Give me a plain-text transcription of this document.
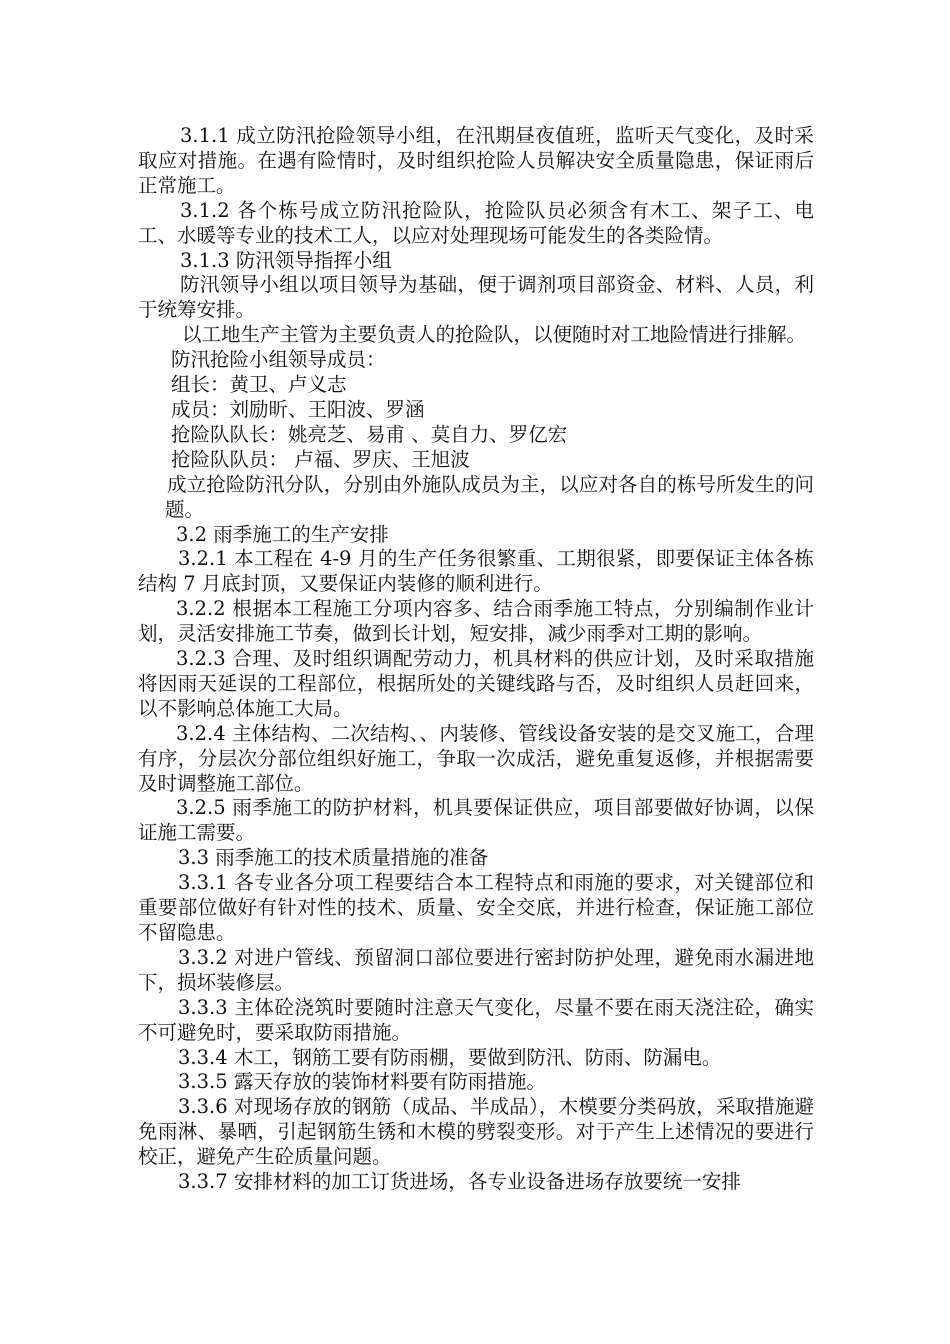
3.1.1 成立防汛抢险领导小组，在汛期昼夜值班，监听天气变化，及时采取应对措施。在遇有险情时，及时组织抢险人员解决安全质量隐患，保证雨后正常施工。

3.1.2 各个栋号成立防汛抢险队，抢险队员必须含有木工、架子工、电工、水暖等专业的技术工人，以应对处理现场可能发生的各类险情。

3.1.3 防汛领导指挥小组

防汛领导小组以项目领导为基础，便于调剂项目部资金、材料、人员，利于统筹安排。

以工地生产主管为主要负责人的抢险队，以便随时对工地险情进行排解。

防汛抢险小组领导成员：

组长：黄卫、卢义志

成员：刘励昕、王阳波、罗涵

抢险队队长：姚亮芝、易甫 、莫自力、罗亿宏

抢险队队员： 卢福、罗庆、王旭波

成立抢险防汛分队，分别由外施队成员为主，以应对各自的栋号所发生的问题。

3.2 雨季施工的生产安排

3.2.1 本工程在 4-9 月的生产任务很繁重、工期很紧，即要保证主体各栋结构 7 月底封顶，又要保证内装修的顺利进行。

3.2.2 根据本工程施工分项内容多、结合雨季施工特点，分别编制作业计划，灵活安排施工节奏，做到长计划，短安排，减少雨季对工期的影响。

3.2.3 合理、及时组织调配劳动力，机具材料的供应计划，及时采取措施将因雨天延误的工程部位，根据所处的关键线路与否，及时组织人员赶回来，以不影响总体施工大局。

3.2.4 主体结构、二次结构、、内装修、管线设备安装的是交叉施工，合理有序，分层次分部位组织好施工，争取一次成活，避免重复返修，并根据需要及时调整施工部位。

3.2.5 雨季施工的防护材料，机具要保证供应，项目部要做好协调，以保证施工需要。

3.3 雨季施工的技术质量措施的准备

3.3.1 各专业各分项工程要结合本工程特点和雨施的要求，对关键部位和重要部位做好有针对性的技术、质量、安全交底，并进行检查，保证施工部位不留隐患。

3.3.2 对进户管线、预留洞口部位要进行密封防护处理，避免雨水漏进地下，损坏装修层。

3.3.3 主体砼浇筑时要随时注意天气变化，尽量不要在雨天浇注砼，确实不可避免时，要采取防雨措施。

3.3.4 木工，钢筋工要有防雨棚，要做到防汛、防雨、防漏电。

3.3.5 露天存放的装饰材料要有防雨措施。

3.3.6 对现场存放的钢筋（成品、半成品），木模要分类码放，采取措施避免雨淋、暴晒，引起钢筋生锈和木模的劈裂变形。对于产生上述情况的要进行校正，避免产生砼质量问题。

3.3.7 安排材料的加工订货进场，各专业设备进场存放要统一安排
